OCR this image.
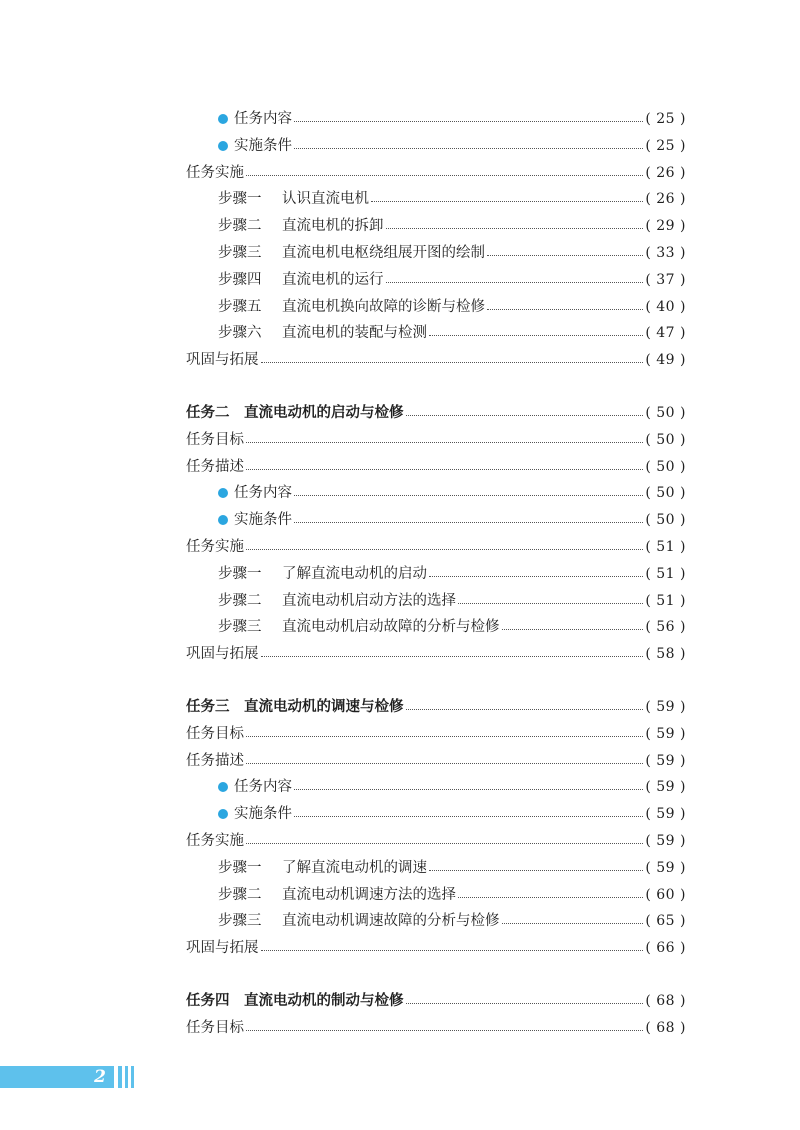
任务内容	( 25 )
实施条件	( 25 )
任务实施	( 26 )
步骤一	认识直流电机	( 26 )
步骤二	直流电机的拆卸	( 29 )
步骤三	直流电机电枢绕组展开图的绘制	( 33 )
步骤四	直流电机的运行	( 37 )
步骤五	直流电机换向故障的诊断与检修	( 40 )
步骤六	直流电机的装配与检测	( 47 )
巩固与拓展	( 49 )
任务二　直流电动机的启动与检修	( 50 )
任务目标	( 50 )
任务描述	( 50 )
任务内容	( 50 )
实施条件	( 50 )
任务实施	( 51 )
步骤一	了解直流电动机的启动	( 51 )
步骤二	直流电动机启动方法的选择	( 51 )
步骤三	直流电动机启动故障的分析与检修	( 56 )
巩固与拓展	( 58 )
任务三　直流电动机的调速与检修	( 59 )
任务目标	( 59 )
任务描述	( 59 )
任务内容	( 59 )
实施条件	( 59 )
任务实施	( 59 )
步骤一	了解直流电动机的调速	( 59 )
步骤二	直流电动机调速方法的选择	( 60 )
步骤三	直流电动机调速故障的分析与检修	( 65 )
巩固与拓展	( 66 )
任务四　直流电动机的制动与检修	( 68 )
任务目标	( 68 )
2
